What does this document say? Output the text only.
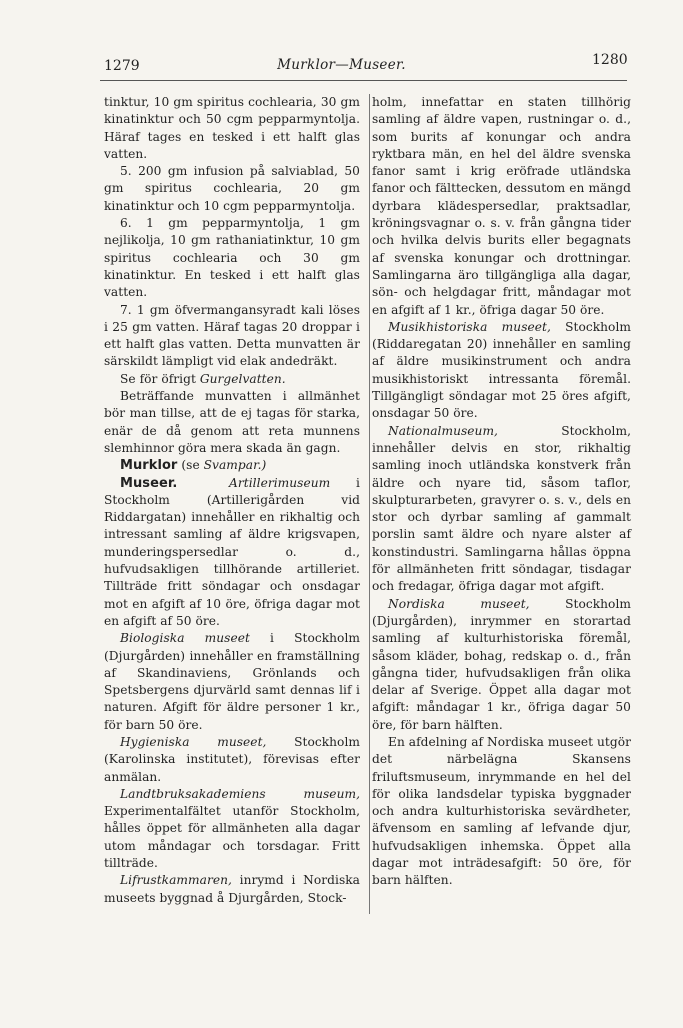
1279	Murklor—Museer.	1280

tinktur, 10 gm spiritus cochlearia, 30 gm kinatinktur och 50 cgm pepparmyntolja. Häraf tages en tesked i ett halft glas vatten.

5. 200 gm infusion på salviablad, 50 gm spiritus cochlearia, 20 gm kinatinktur och 10 cgm pepparmyntolja.

6. 1 gm pepparmyntolja, 1 gm nejlikolja, 10 gm rathaniatinktur, 10 gm spiritus cochlearia och 30 gm kinatinktur. En tesked i ett halft glas vatten.

7. 1 gm öfvermangansyradt kali löses i 25 gm vatten. Häraf tagas 20 droppar i ett halft glas vatten. Detta munvatten är särskildt lämpligt vid elak andedräkt.

Se för öfrigt Gurgelvatten.

Beträffande munvatten i allmänhet bör man tillse, att de ej tagas för starka, enär de då genom att reta munnens slemhinnor göra mera skada än gagn.

Murklor (se Svampar.)

Museer.	Artillerimuseum i Stockholm (Artillerigården vid Riddargatan) innehåller en rikhaltig och intressant samling af äldre krigsvapen, munderingspersedlar o. d., hufvudsakligen tillhörande artilleriet. Tillträde fritt söndagar och onsdagar mot en afgift af 10 öre, öfriga dagar mot en afgift af 50 öre.

Biologiska museet i Stockholm (Djurgården) innehåller en framställning af Skandinaviens, Grönlands och Spetsbergens djurvärld samt dennas lif i naturen. Afgift för äldre personer 1 kr., för barn 50 öre.

Hygieniska museet, Stockholm (Karolinska institutet), förevisas efter anmälan.

Landtbruksakademiens museum, Experimentalfältet utanför Stockholm, hålles öppet för allmänheten alla dagar utom måndagar och torsdagar. Fritt tillträde.

Lifrustkammaren, inrymd i Nordiska museets byggnad å Djurgården, Stock-

holm, innefattar en staten tillhörig samling af äldre vapen, rustningar o. d., som burits af konungar och andra ryktbara män, en hel del äldre svenska fanor samt i krig eröfrade utländska fanor och fälttecken, dessutom en mängd dyrbara klädespersedlar, praktsadlar, kröningsvagnar o. s. v. från gångna tider och hvilka delvis burits eller begagnats af svenska konungar och drottningar. Samlingarna äro tillgängliga alla dagar, sön- och helgdagar fritt, måndagar mot en afgift af 1 kr., öfriga dagar 50 öre.

Musikhistoriska museet, Stockholm (Riddaregatan 20) innehåller en samling af äldre musikinstrument och andra musikhistoriskt intressanta föremål. Tillgängligt söndagar mot 25 öres afgift, onsdagar 50 öre.

Nationalmuseum, Stockholm, innehåller delvis en stor, rikhaltig samling inoch utländska konstverk från äldre och nyare tid, såsom taflor, skulpturarbeten, gravyrer o. s. v., dels en stor och dyrbar samling af gammalt porslin samt äldre och nyare alster af konstindustri. Samlingarna hållas öppna för allmänheten fritt söndagar, tisdagar och fredagar, öfriga dagar mot afgift.

Nordiska museet, Stockholm (Djurgården), inrymmer en storartad samling af kulturhistoriska föremål, såsom kläder, bohag, redskap o. d., från gångna tider, hufvudsakligen från olika delar af Sverige. Öppet alla dagar mot afgift: måndagar 1 kr., öfriga dagar 50 öre, för barn hälften.

En afdelning af Nordiska museet utgör det närbelägna Skansens friluftsmuseum, inrymmande en hel del för olika landsdelar typiska byggnader och andra kulturhistoriska sevärdheter, äfvensom en samling af lefvande djur, hufvudsakligen inhemska. Öppet alla dagar mot inträdesafgift: 50 öre, för barn hälften.
